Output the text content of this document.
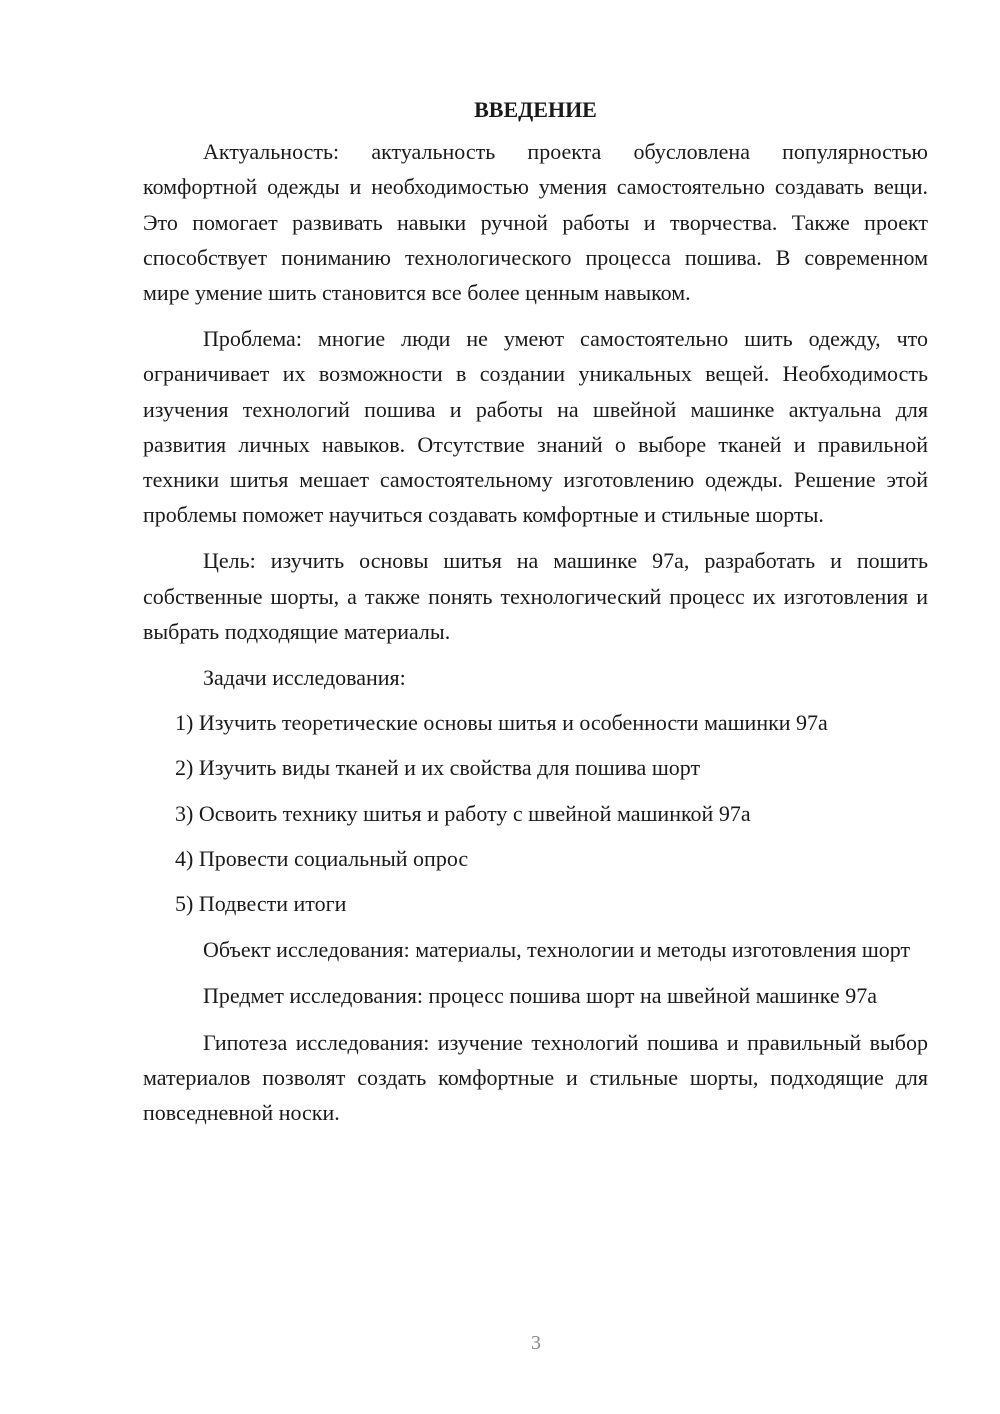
ВВЕДЕНИЕ

Актуальность: актуальность проекта обусловлена популярностью комфортной одежды и необходимостью умения самостоятельно создавать вещи. Это помогает развивать навыки ручной работы и творчества. Также проект способствует пониманию технологического процесса пошива. В современном мире умение шить становится все более ценным навыком.

Проблема: многие люди не умеют самостоятельно шить одежду, что ограничивает их возможности в создании уникальных вещей. Необходимость изучения технологий пошива и работы на швейной машинке актуальна для развития личных навыков. Отсутствие знаний о выборе тканей и правильной техники шитья мешает самостоятельному изготовлению одежды. Решение этой проблемы поможет научиться создавать комфортные и стильные шорты.

Цель: изучить основы шитья на машинке 97а, разработать и пошить собственные шорты, а также понять технологический процесс их изготовления и выбрать подходящие материалы.

Задачи исследования:

1) Изучить теоретические основы шитья и особенности машинки 97а
2) Изучить виды тканей и их свойства для пошива шорт
3) Освоить технику шитья и работу с швейной машинкой 97а
4) Провести социальный опрос
5) Подвести итоги

Объект исследования: материалы, технологии и методы изготовления шорт

Предмет исследования: процесс пошива шорт на швейной машинке 97а

Гипотеза исследования: изучение технологий пошива и правильный выбор материалов позволят создать комфортные и стильные шорты, подходящие для повседневной носки.

3
